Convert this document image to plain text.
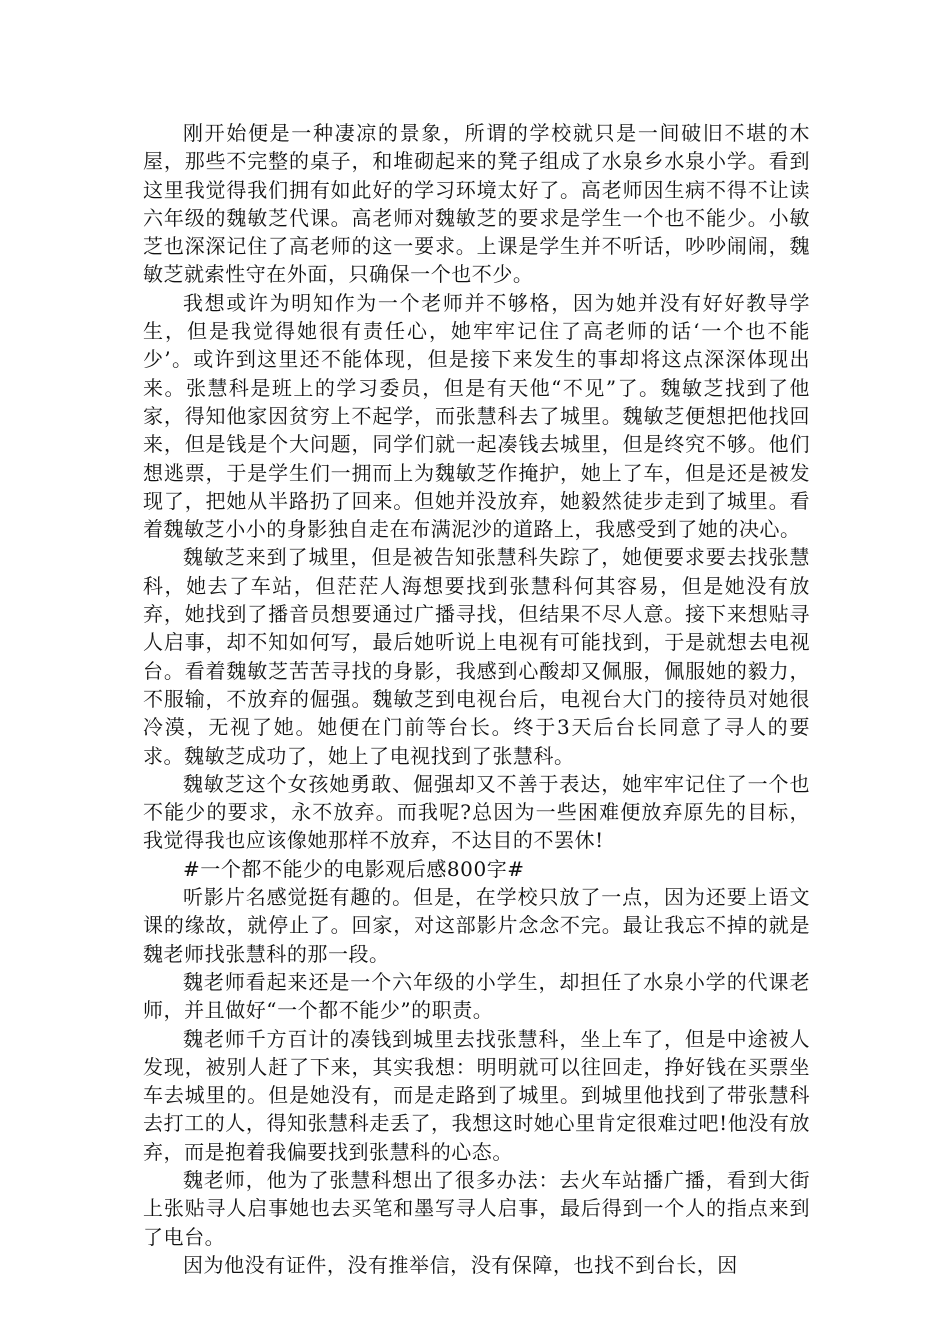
刚开始便是一种凄凉的景象，所谓的学校就只是一间破旧不堪的木屋，那些不完整的桌子，和堆砌起来的凳子组成了水泉乡水泉小学。看到这里我觉得我们拥有如此好的学习环境太好了。高老师因生病不得不让读六年级的魏敏芝代课。高老师对魏敏芝的要求是学生一个也不能少。小敏芝也深深记住了高老师的这一要求。上课是学生并不听话，吵吵闹闹，魏敏芝就索性守在外面，只确保一个也不少。

我想或许为明知作为一个老师并不够格，因为她并没有好好教导学生，但是我觉得她很有责任心，她牢牢记住了高老师的话‘一个也不能少’。或许到这里还不能体现，但是接下来发生的事却将这点深深体现出来。张慧科是班上的学习委员，但是有天他“不见”了。魏敏芝找到了他家，得知他家因贫穷上不起学，而张慧科去了城里。魏敏芝便想把他找回来，但是钱是个大问题，同学们就一起凑钱去城里，但是终究不够。他们想逃票，于是学生们一拥而上为魏敏芝作掩护，她上了车，但是还是被发现了，把她从半路扔了回来。但她并没放弃，她毅然徒步走到了城里。看着魏敏芝小小的身影独自走在布满泥沙的道路上，我感受到了她的决心。

魏敏芝来到了城里，但是被告知张慧科失踪了，她便要求要去找张慧科，她去了车站，但茫茫人海想要找到张慧科何其容易，但是她没有放弃，她找到了播音员想要通过广播寻找，但结果不尽人意。接下来想贴寻人启事，却不知如何写，最后她听说上电视有可能找到，于是就想去电视台。看着魏敏芝苦苦寻找的身影，我感到心酸却又佩服，佩服她的毅力，不服输，不放弃的倔强。魏敏芝到电视台后，电视台大门的接待员对她很冷漠，无视了她。她便在门前等台长。终于3天后台长同意了寻人的要求。魏敏芝成功了，她上了电视找到了张慧科。

魏敏芝这个女孩她勇敢、倔强却又不善于表达，她牢牢记住了一个也不能少的要求，永不放弃。而我呢?总因为一些困难便放弃原先的目标，我觉得我也应该像她那样不放弃，不达目的不罢休!

#一个都不能少的电影观后感800字#

听影片名感觉挺有趣的。但是，在学校只放了一点，因为还要上语文课的缘故，就停止了。回家，对这部影片念念不完。最让我忘不掉的就是魏老师找张慧科的那一段。

魏老师看起来还是一个六年级的小学生，却担任了水泉小学的代课老师，并且做好“一个都不能少”的职责。

魏老师千方百计的凑钱到城里去找张慧科，坐上车了，但是中途被人发现，被别人赶了下来，其实我想：明明就可以往回走，挣好钱在买票坐车去城里的。但是她没有，而是走路到了城里。到城里他找到了带张慧科去打工的人，得知张慧科走丢了，我想这时她心里肯定很难过吧!他没有放弃，而是抱着我偏要找到张慧科的心态。

魏老师，他为了张慧科想出了很多办法：去火车站播广播，看到大街上张贴寻人启事她也去买笔和墨写寻人启事，最后得到一个人的指点来到了电台。

因为他没有证件，没有推举信，没有保障，也找不到台长，因
